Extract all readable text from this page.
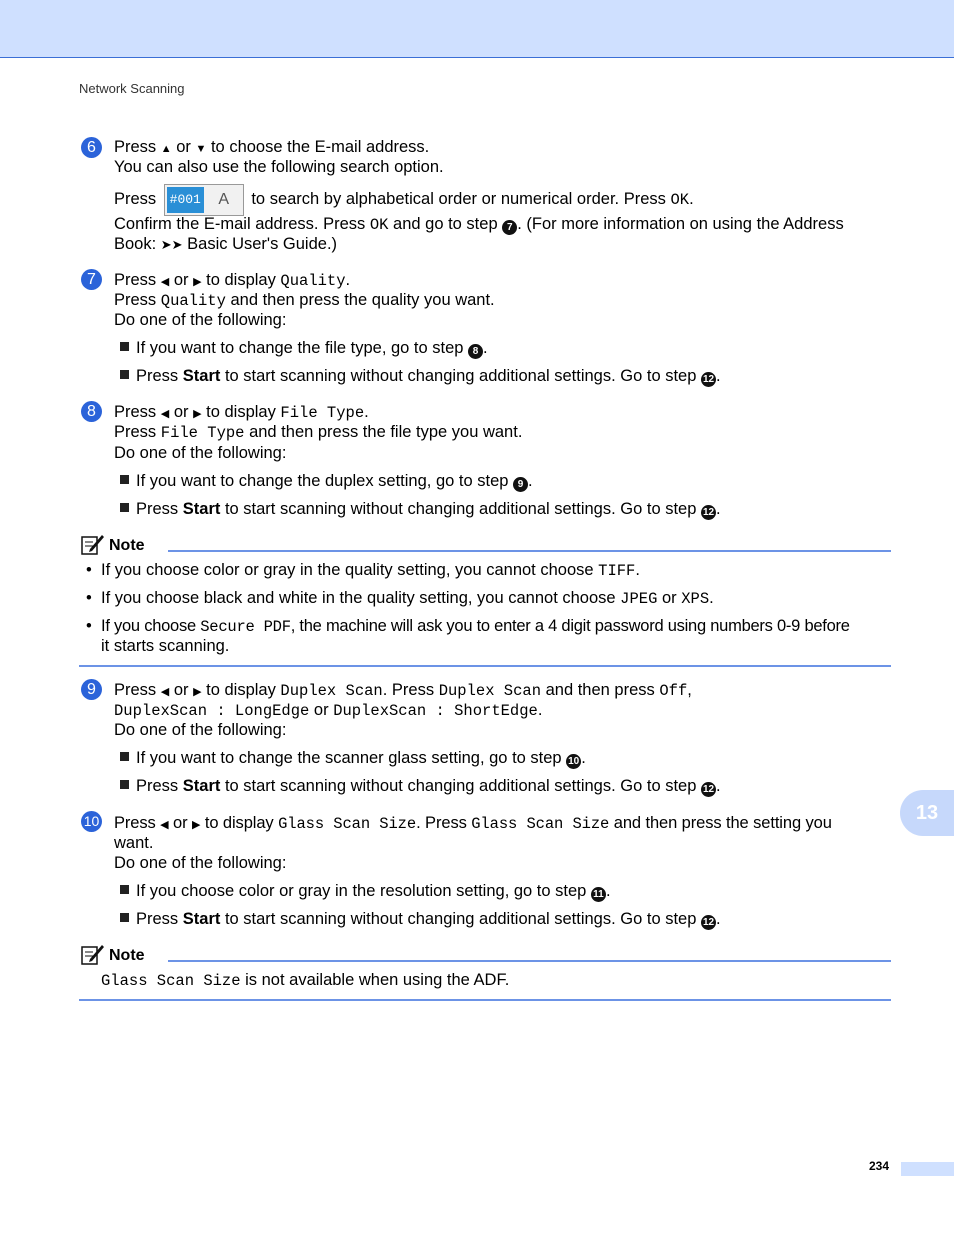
Network Scanning
6	Press ▲ or ▼ to choose the E-mail address.
You can also use the following search option.
Press #001	A	to search by alphabetical order or numerical order. Press OK.
Confirm the E-mail address. Press OK and go to step 7 . (For more information on using the Address
Book: ➤➤ Basic User's Guide.)
7	Press ◀ or ▶ to display Quality.
Press Quality and then press the quality you want.
Do one of the following:
If you want to change the file type, go to step 8 .
Press Start to start scanning without changing additional settings. Go to step 12 .
8	Press ◀ or ▶ to display File Type.
Press File Type and then press the file type you want.
Do one of the following:
If you want to change the duplex setting, go to step 9 .
Press Start to start scanning without changing additional settings. Go to step 12 .
Note
• If you choose color or gray in the quality setting, you cannot choose TIFF.
• If you choose black and white in the quality setting, you cannot choose JPEG or XPS.
• If you choose Secure PDF, the machine will ask you to enter a 4 digit password using numbers 0-9 before
it starts scanning.
9	Press ◀ or ▶ to display Duplex Scan. Press Duplex Scan and then press Off,
DuplexScan : LongEdge or DuplexScan : ShortEdge.
Do one of the following:
If you want to change the scanner glass setting, go to step 10 .
Press Start to start scanning without changing additional settings. Go to step 12 .
10 Press ◀ or ▶ to display Glass Scan Size. Press Glass Scan Size and then press the setting you
want.
Do one of the following:
If you choose color or gray in the resolution setting, go to step 11 .
Press Start to start scanning without changing additional settings. Go to step 12 .
Note
Glass Scan Size is not available when using the ADF.
13
234
